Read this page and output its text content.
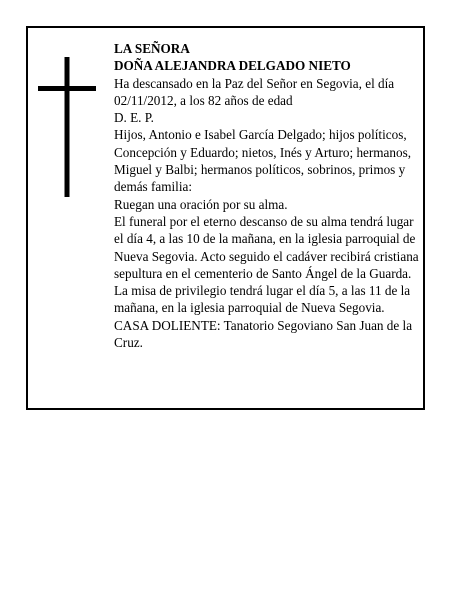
LA SEÑORA

DOÑA ALEJANDRA DELGADO NIETO

Ha descansado en la Paz del Señor en Segovia, el día 02/11/2012, a los 82 años de edad

D. E. P.

Hijos, Antonio e Isabel García Delgado; hijos políticos, Concepción y Eduardo; nietos, Inés y Arturo; hermanos, Miguel y Balbi; hermanos políticos, sobrinos, primos y demás familia:

Ruegan una oración por su alma.

El funeral por el eterno descanso de su alma tendrá lugar el día 4, a las 10 de la mañana, en la iglesia parroquial de Nueva Segovia. Acto seguido el cadáver recibirá cristiana sepultura en el cementerio de Santo Ángel de la Guarda. La misa de privilegio tendrá lugar el día 5, a las 11 de la mañana, en la iglesia parroquial de Nueva Segovia.

CASA DOLIENTE: Tanatorio Segoviano San Juan de la Cruz.
